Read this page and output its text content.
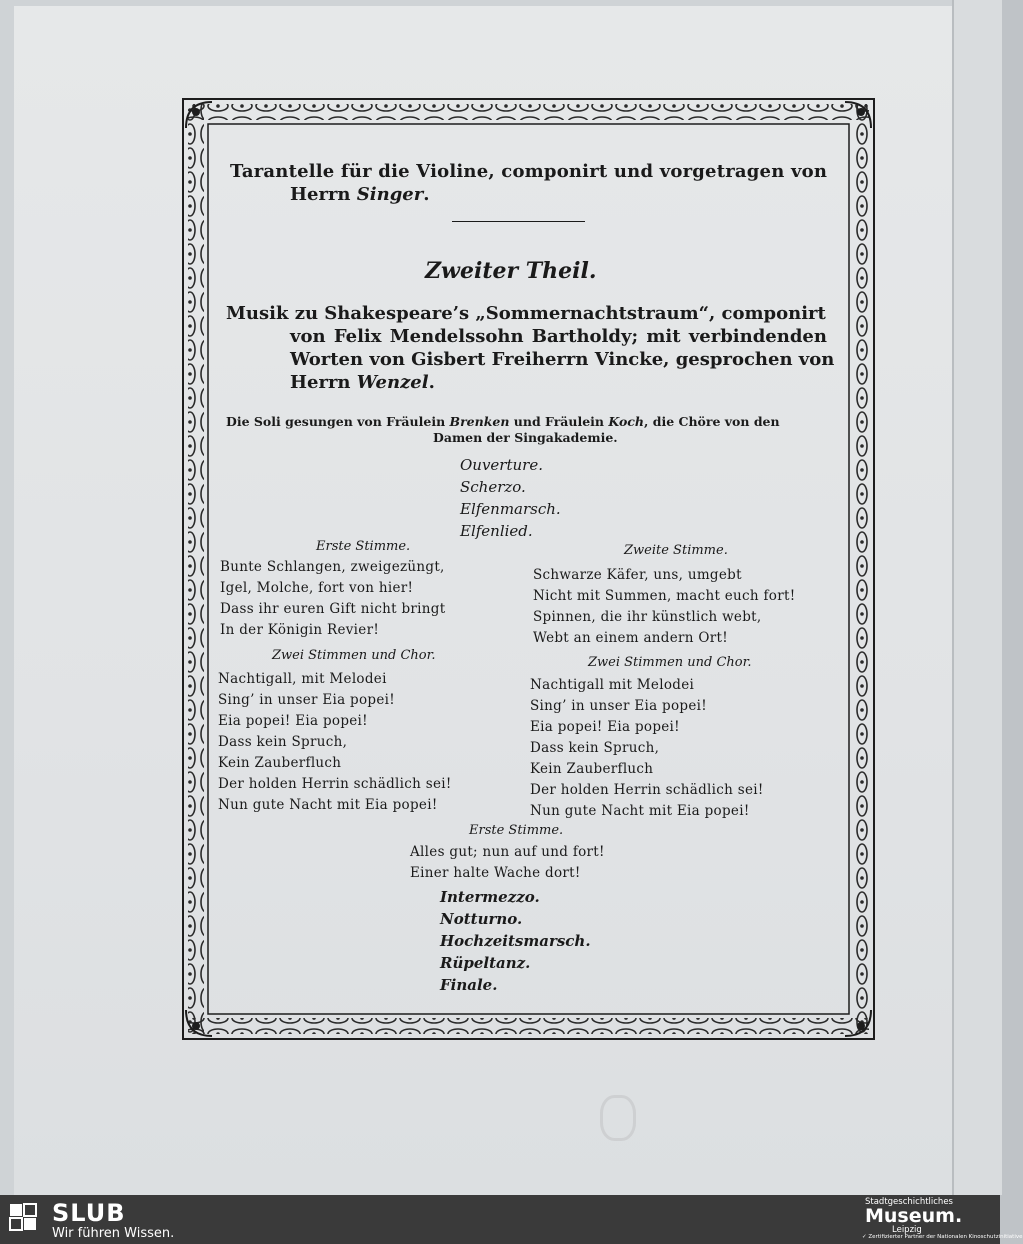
Tarantelle für die Violine, componirt und vorgetragen von
Herrn Singer.
Zweiter Theil.
Musik zu Shakespeare’s „Sommernachtstraum“, componirt
von Felix Mendelssohn Bartholdy; mit verbindenden
Worten von Gisbert Freiherrn Vincke, gesprochen von
Herrn Wenzel.
Die Soli gesungen von Fräulein Brenken und Fräulein Koch, die Chöre von den
Damen der Singakademie.
Ouverture.
Scherzo.
Elfenmarsch.
Elfenlied.
Erste Stimme.
Bunte Schlangen, zweigezüngt,
Igel, Molche, fort von hier!
Dass ihr euren Gift nicht bringt
In der Königin Revier!
Zwei Stimmen und Chor.
Nachtigall, mit Melodei
Sing’ in unser Eia popei!
Eia popei! Eia popei!
Dass kein Spruch,
Kein Zauberfluch
Der holden Herrin schädlich sei!
Nun gute Nacht mit Eia popei!
Zweite Stimme.
Schwarze Käfer, uns, umgebt
Nicht mit Summen, macht euch fort!
Spinnen, die ihr künstlich webt,
Webt an einem andern Ort!
Zwei Stimmen und Chor.
Nachtigall mit Melodei
Sing’ in unser Eia popei!
Eia popei! Eia popei!
Dass kein Spruch,
Kein Zauberfluch
Der holden Herrin schädlich sei!
Nun gute Nacht mit Eia popei!
Erste Stimme.
Alles gut; nun auf und fort!
Einer halte Wache dort!
Intermezzo.
Notturno.
Hochzeitsmarsch.
Rüpeltanz.
Finale.
SLUB
Wir führen Wissen.
Stadtgeschichtliches
Museum.
Leipzig
✓ Zertifizierter Partner der Nationalen Kinoschutzinitiative
